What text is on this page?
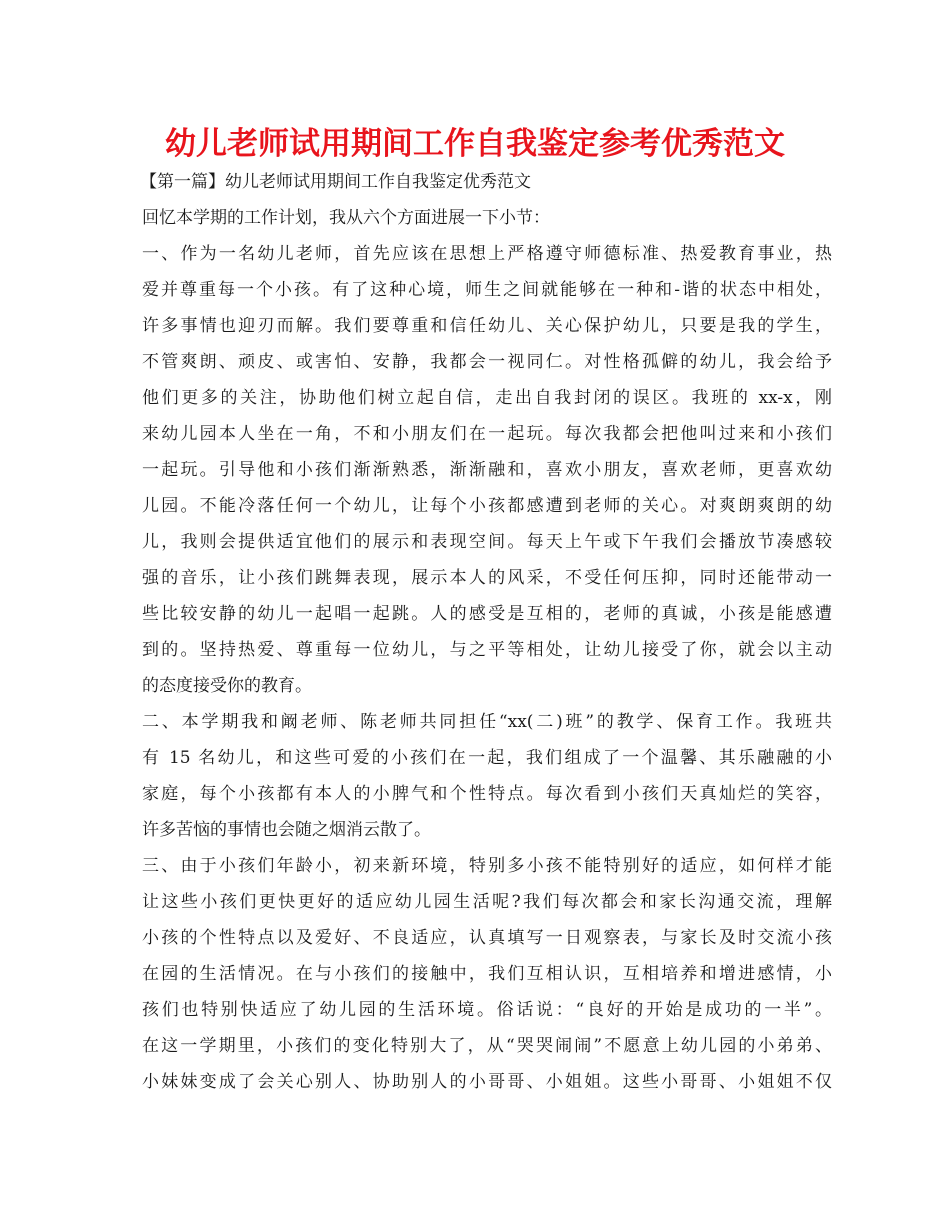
幼儿老师试用期间工作自我鉴定参考优秀范文
【第一篇】幼儿老师试用期间工作自我鉴定优秀范文
回忆本学期的工作计划，我从六个方面进展一下小节：
一、作为一名幼儿老师，首先应该在思想上严格遵守师德标准、热爱教育事业，热
爱并尊重每一个小孩。有了这种心境，师生之间就能够在一种和-谐的状态中相处，
许多事情也迎刃而解。我们要尊重和信任幼儿、关心保护幼儿，只要是我的学生，
不管爽朗、顽皮、或害怕、安静，我都会一视同仁。对性格孤僻的幼儿，我会给予
他们更多的关注，协助他们树立起自信，走出自我封闭的误区。我班的 xx-x，刚
来幼儿园本人坐在一角，不和小朋友们在一起玩。每次我都会把他叫过来和小孩们
一起玩。引导他和小孩们渐渐熟悉，渐渐融和，喜欢小朋友，喜欢老师，更喜欢幼
儿园。不能冷落任何一个幼儿，让每个小孩都感遭到老师的关心。对爽朗爽朗的幼
儿，我则会提供适宜他们的展示和表现空间。每天上午或下午我们会播放节凑感较
强的音乐，让小孩们跳舞表现，展示本人的风采，不受任何压抑，同时还能带动一
些比较安静的幼儿一起唱一起跳。人的感受是互相的，老师的真诚，小孩是能感遭
到的。坚持热爱、尊重每一位幼儿，与之平等相处，让幼儿接受了你，就会以主动
的态度接受你的教育。
二、本学期我和阚老师、陈老师共同担任“xx(二)班”的教学、保育工作。我班共
有 15 名幼儿，和这些可爱的小孩们在一起，我们组成了一个温馨、其乐融融的小
家庭，每个小孩都有本人的小脾气和个性特点。每次看到小孩们天真灿烂的笑容，
许多苦恼的事情也会随之烟消云散了。
三、由于小孩们年龄小，初来新环境，特别多小孩不能特别好的适应，如何样才能
让这些小孩们更快更好的适应幼儿园生活呢?我们每次都会和家长沟通交流，理解
小孩的个性特点以及爱好、不良适应，认真填写一日观察表，与家长及时交流小孩
在园的生活情况。在与小孩们的接触中，我们互相认识，互相培养和增进感情，小
孩们也特别快适应了幼儿园的生活环境。俗话说：“良好的开始是成功的一半”。
在这一学期里，小孩们的变化特别大了，从“哭哭闹闹”不愿意上幼儿园的小弟弟、
小妹妹变成了会关心别人、协助别人的小哥哥、小姐姐。这些小哥哥、小姐姐不仅
